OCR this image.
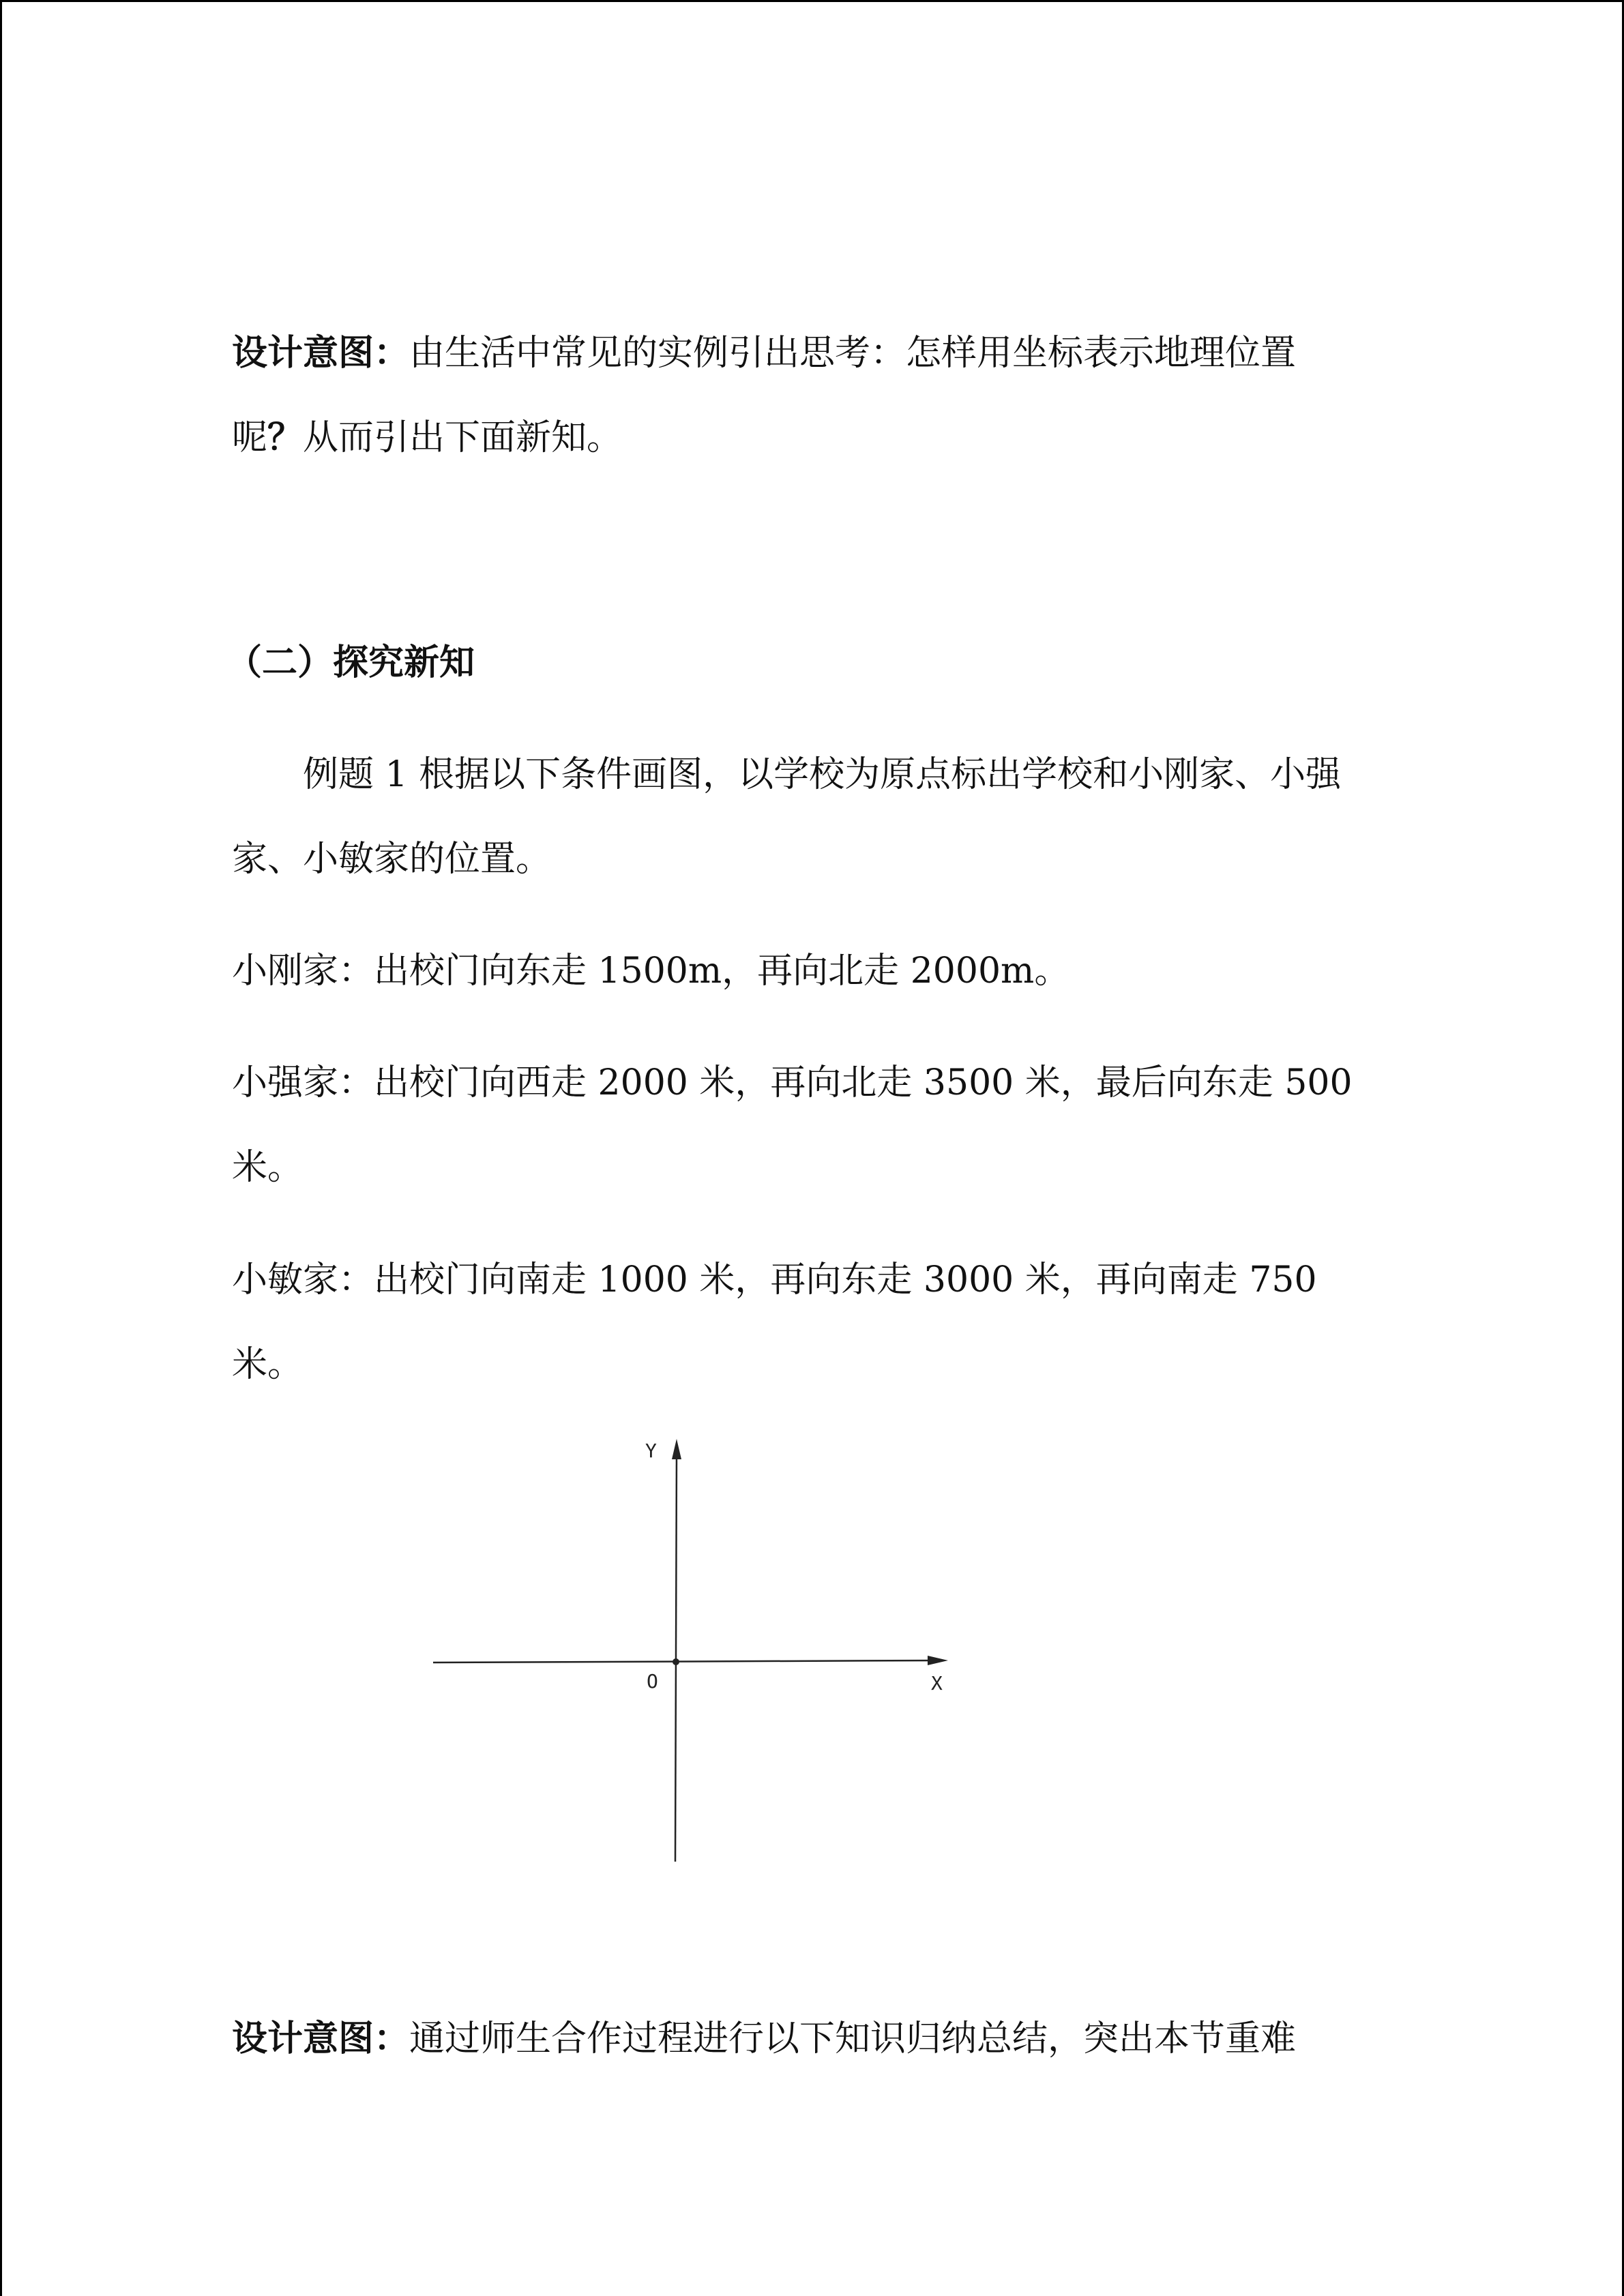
设计意图：由生活中常见的实例引出思考：怎样用坐标表示地理位置
呢？从而引出下面新知。
（二）探究新知
例题 1 根据以下条件画图，以学校为原点标出学校和小刚家、小强家、小敏家的位置。
小刚家：出校门向东走 1500m，再向北走 2000m。
小强家：出校门向西走 2000 米，再向北走 3500 米，最后向东走 500 米。
小敏家：出校门向南走 1000 米，再向东走 3000 米，再向南走 750 米。
设计意图：通过师生合作过程进行以下知识归纳总结，突出本节重难
Y
X
O
